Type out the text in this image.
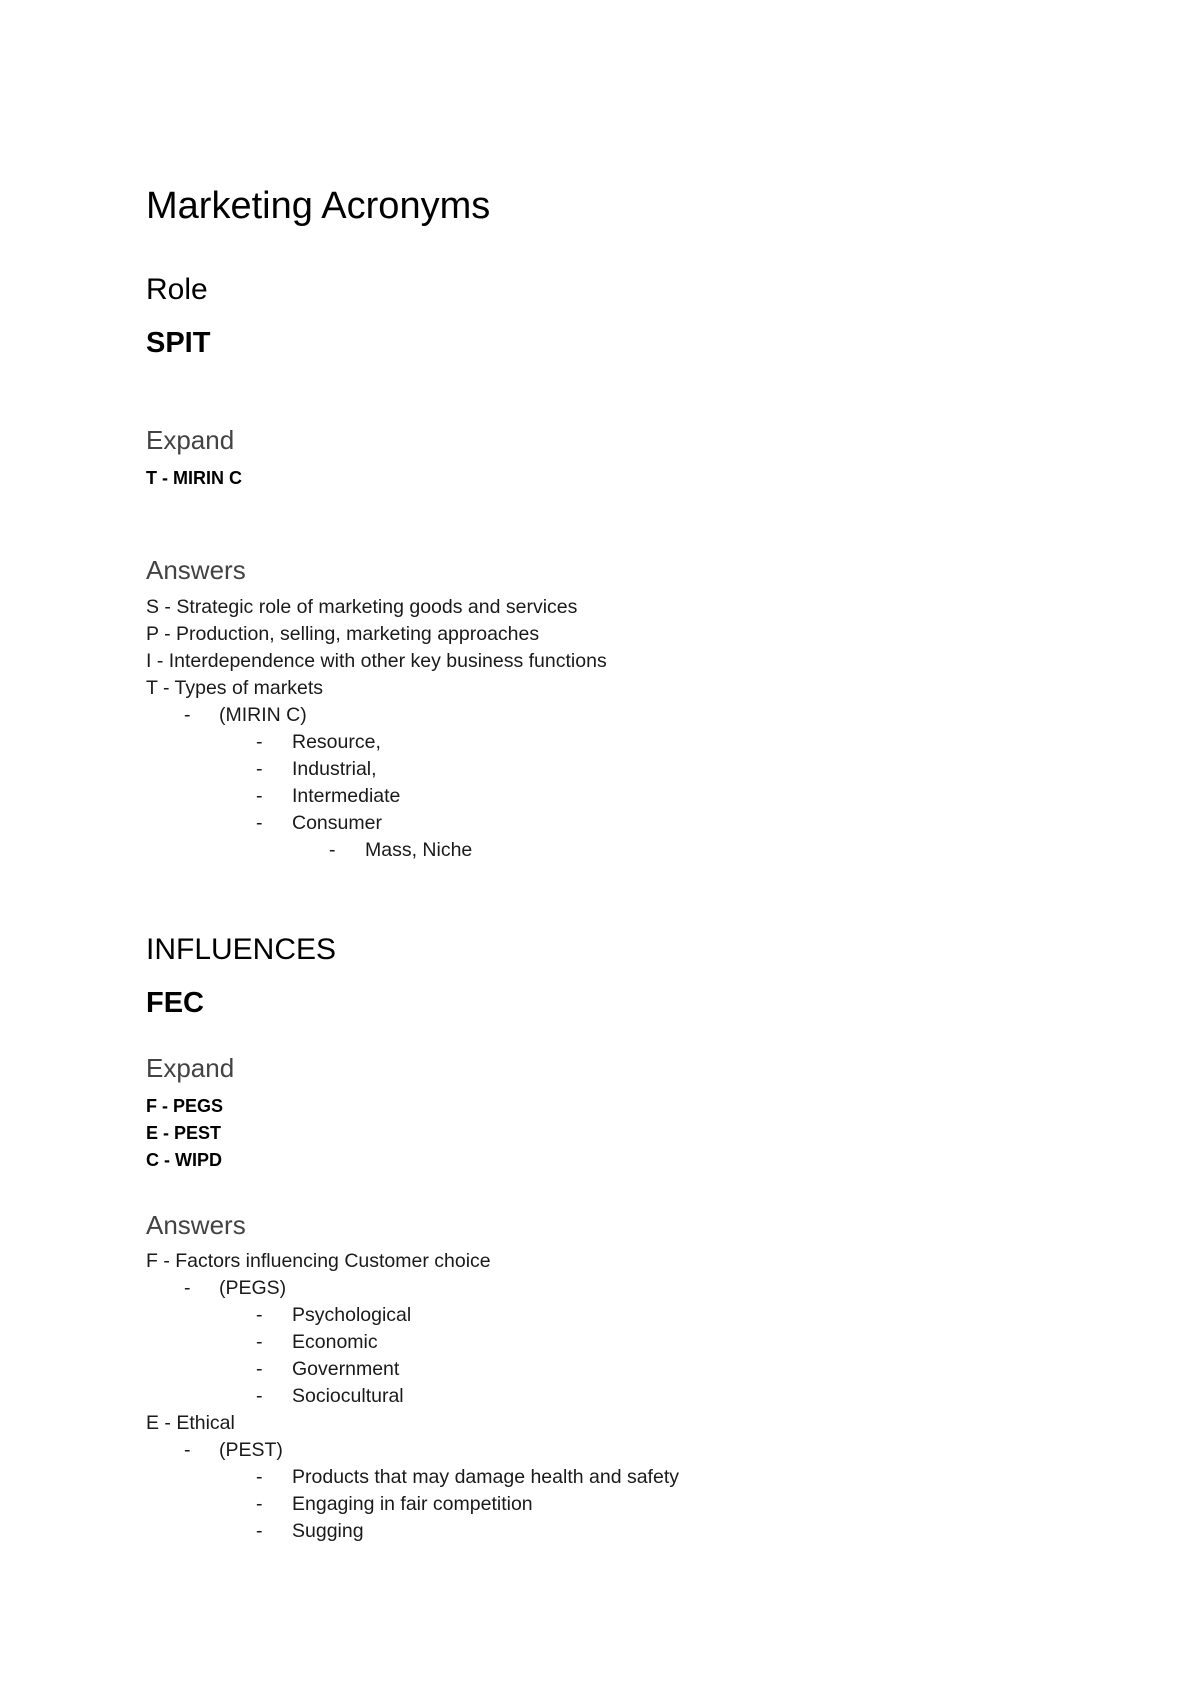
Marketing Acronyms
Role
SPIT
Expand
T - MIRIN C
Answers
S - Strategic role of marketing goods and services
P - Production, selling, marketing approaches
I - Interdependence with other key business functions
T - Types of markets
- (MIRIN C)
- Resource,
- Industrial,
- Intermediate
- Consumer
- Mass, Niche
INFLUENCES
FEC
Expand
F - PEGS
E - PEST
C - WIPD
Answers
F - Factors influencing Customer choice
- (PEGS)
- Psychological
- Economic
- Government
- Sociocultural
E - Ethical
- (PEST)
- Products that may damage health and safety
- Engaging in fair competition
- Sugging
